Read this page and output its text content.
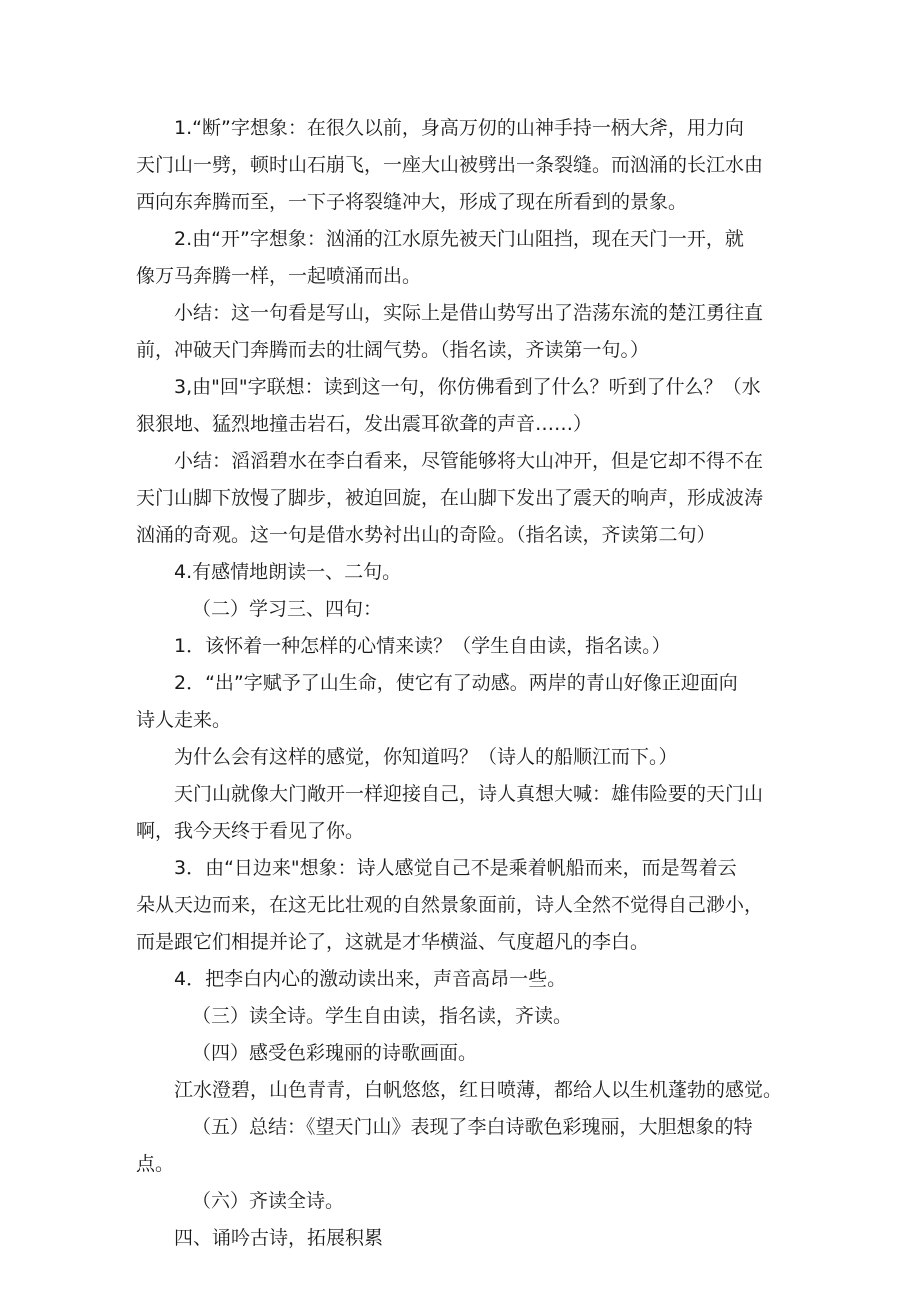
1.“断”字想象：在很久以前，身高万仞的山神手持一柄大斧，用力向
天门山一劈，顿时山石崩飞，一座大山被劈出一条裂缝。而汹涌的长江水由
西向东奔腾而至，一下子将裂缝冲大，形成了现在所看到的景象。
2.由“开”字想象：汹涌的江水原先被天门山阻挡，现在天门一开，就
像万马奔腾一样，一起喷涌而出。
小结：这一句看是写山，实际上是借山势写出了浩荡东流的楚江勇往直
前，冲破天门奔腾而去的壮阔气势。（指名读，齐读第一句。）
3,由"回"字联想：读到这一句，你仿佛看到了什么？听到了什么？（水
狠狠地、猛烈地撞击岩石，发出震耳欲聋的声音……）
小结：滔滔碧水在李白看来，尽管能够将大山冲开，但是它却不得不在
天门山脚下放慢了脚步，被迫回旋，在山脚下发出了震天的响声，形成波涛
汹涌的奇观。这一句是借水势衬出山的奇险。（指名读，齐读第二句）
4.有感情地朗读一、二句。
（二）学习三、四句：
1．该怀着一种怎样的心情来读？（学生自由读，指名读。）
2．“出”字赋予了山生命，使它有了动感。两岸的青山好像正迎面向
诗人走来。
为什么会有这样的感觉，你知道吗？（诗人的船顺江而下。）
天门山就像大门敞开一样迎接自己，诗人真想大喊：雄伟险要的天门山
啊，我今天终于看见了你。
3．由“日边来"想象：诗人感觉自己不是乘着帆船而来，而是驾着云
朵从天边而来，在这无比壮观的自然景象面前，诗人全然不觉得自己渺小，
而是跟它们相提并论了，这就是才华横溢、气度超凡的李白。
4．把李白内心的激动读出来，声音高昂一些。
（三）读全诗。学生自由读，指名读，齐读。
（四）感受色彩瑰丽的诗歌画面。
江水澄碧，山色青青，白帆悠悠，红日喷薄，都给人以生机蓬勃的感觉。
（五）总结：《望天门山》表现了李白诗歌色彩瑰丽，大胆想象的特
点。
（六）齐读全诗。
四、诵吟古诗，拓展积累
